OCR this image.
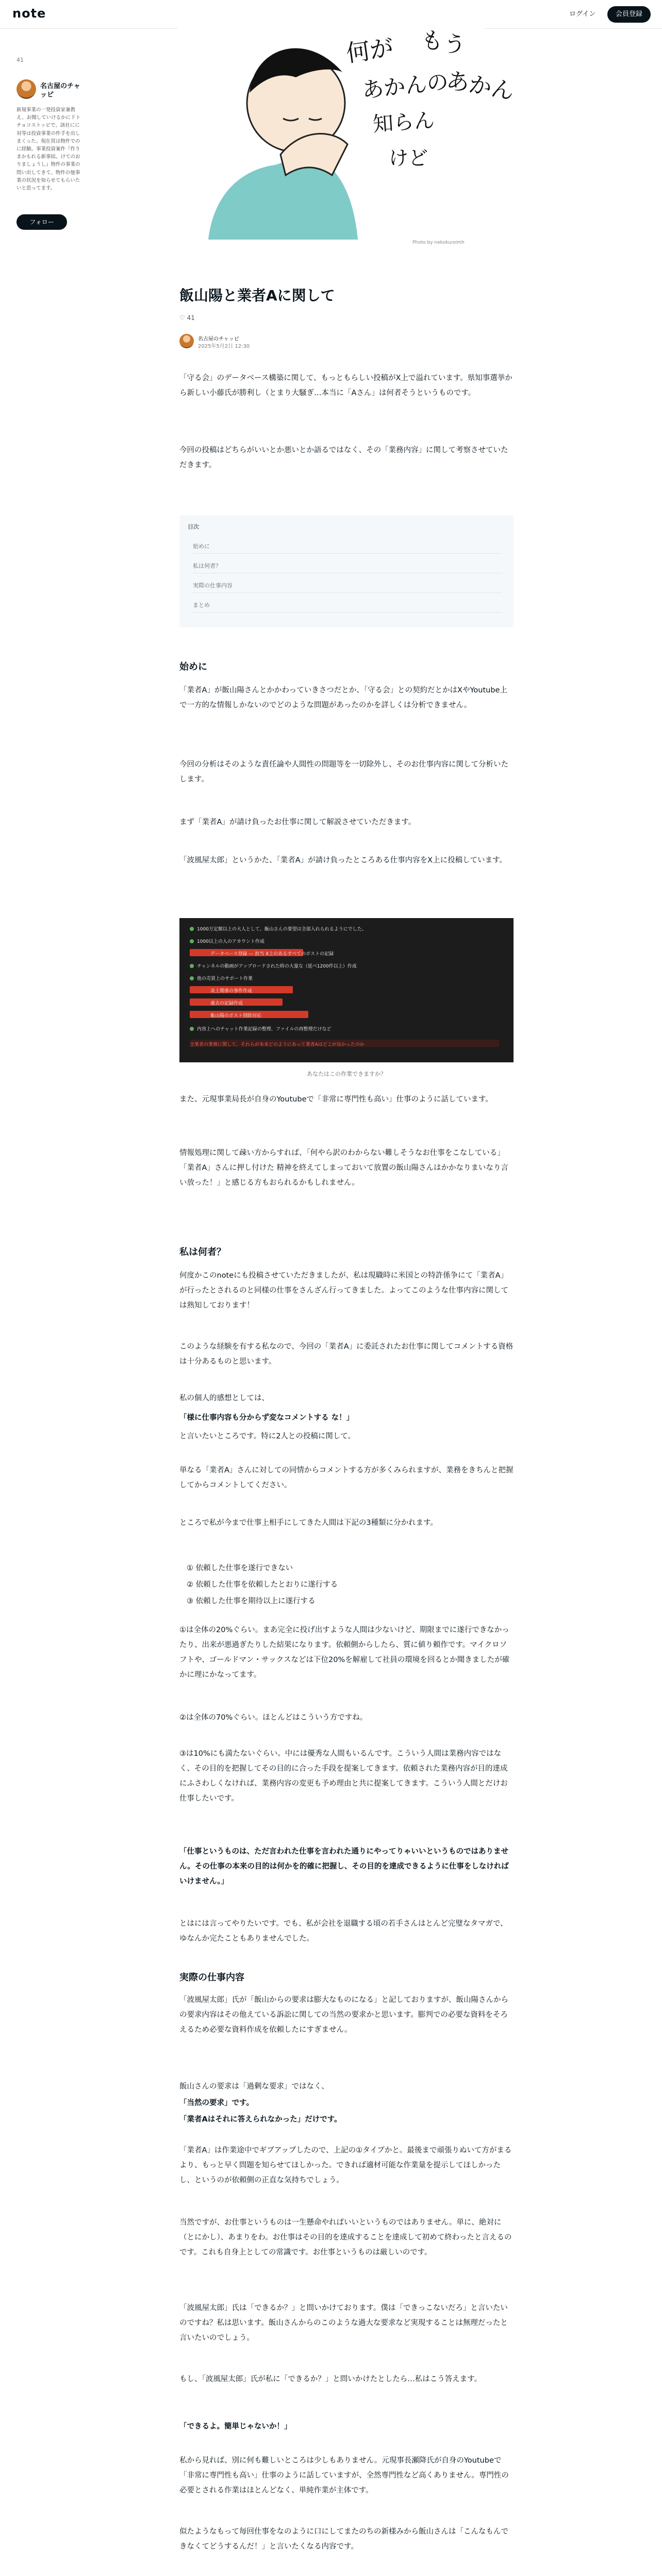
note	ログイン	会員登録
41
名古屋のチャッピ
新規事業の一発投資家兼教え、お聞していけるかにドトチョコストッピで、該社にに対等は投資事業の件手を出しまくった。現在買は物件でのに経験。事業投資案件『作りまかもれる新事結。けてのおりましょうし』物件の事業の問い出してきて、物件の他事業の状況を知らせてもらいたいと思ってます。
フォロー
何が
あかんの
知らん
けど
もう
あかん
Photo by nekokuroimh
飯山陽と業者Aに関して
♡ 41
名古屋のチャッピ
2025年5月2日 12:30
「守る会」のデータベース構築に関して、もっともらしい投稿がX上で溢れています。県知事選挙から新しい小藤氏が勝利し（とまり大騒ぎ…本当に「Aさん」は何者そうというものです。
今回の投稿はどちらがいいとか悪いとか語るではなく、その「業務内容」に関して考察させていただきます。
目次
始めに
私は何者？
実際の仕事内容
まとめ
始めに
「業者A」が飯山陽さんとかかわっていきさつだとか、「守る会」との契約だとかはXやYoutube上で一方的な情報しかないのでどのような問題があったのかを詳しくは分析できません。
今回の分析はそのような責任論や人間性の問題等を一切除外し、そのお仕事内容に関して分析いたします。
まず「業者A」が請け負ったお仕事に関して解説させていただきます。
「波風屋太郎」というかた、「業者A」が請け負ったところある仕事内容をX上に投稿しています。
1000万定額以上の大人として、飯山さんの要望は全部入れられるようにでした。
1000以上の人のアカウント作成
データベース登録 — 担当 X上のあるすべてのポストの記録
チャンネルの動画がアップロードされた時の大量な（延べ1200件以上）作成
他の売買上のサポート作業
炎上関係の事件作成
過去の記録作成
飯山陽のポスト削除対応
内容上へのチャット作業記録の整理、ファイルの再整理だけなど
全業者の業務に関して、それらが本来どのようにあって業者Aはどこが良かったのか
あなたはこの作業できますか？
また、元現事業局長が自身のYoutubeで「非常に専門性も高い」仕事のように話しています。
情報処理に関して疎い方からすれば、「何やら訳のわからない難しそうなお仕事をこなしている」「業者A」さんに押し付けた 精神を終えてしまっておいて放置の飯山陽さんはかかなりまいなり言い放った！」と感じる方もおられるかもしれません。
私は何者？
何度かこのnoteにも投稿させていただきましたが、私は現職時に米国との特許係争にて「業者A」が行ったとされるのと同様の仕事をさんざん行ってきました。よってこのような仕事内容に関しては熟知しております！
このような経験を有する私なので、今回の「業者A」に委託されたお仕事に関してコメントする資格は十分あるものと思います。
私の個人的感想としては、
「様に仕事内容も分からず変なコメントする な！」
と言いたいところです。特に2人との投稿に関して。
単なる「業者A」さんに対しての同情からコメントする方が多くみられますが、業務をきちんと把握してからコメントしてください。
ところで私が今まで仕事上相手にしてきた人間は下記の3種類に分かれます。
① 依頼した仕事を遂行できない
② 依頼した仕事を依頼したとおりに遂行する
③ 依頼した仕事を期待以上に遂行する
①は全体の20%ぐらい。まあ完全に投げ出すような人間は少ないけど、期限までに遂行できなかったり、出来が悪過ぎたりした結果になります。依頼側からしたら、質に値り頼作です。マイクロソフトや、ゴールドマン・サックスなどは下位20%を解雇して社員の環境を回るとか聞きましたが確かに理にかなってます。
②は全体の70%ぐらい。ほとんどはこういう方ですね。
③は10%にも満たないぐらい。中には優秀な人間もいるんです。こういう人間は業務内容ではなく、その目的を把握してその目的に合った手段を提案してきます。依頼された業務内容が目的達成にふさわしくなければ、業務内容の変更も予め理由と共に提案してきます。こういう人間とだけお仕事したいです。
「仕事というものは、ただ言われた仕事を言われた通りにやってりゃいいというものではありません。その仕事の本来の目的は何かを的確に把握し、その目的を達成できるように仕事をしなければいけません。」
とはには言ってやりたいです。でも、私が会社を退職する頃の若手さんはとんど完璧なタマガで、ゆなんか完たこともありませんでした。
実際の仕事内容
「波風屋太郎」氏が「飯山からの要求は膨大なものになる」と記しておりますが、飯山陽さんからの要求内容はその他えている訴訟に関しての当然の要求かと思います。膨判での必要な資料をそろえるため必要な資料作成を依頼したにすぎません。
飯山さんの要求は「過剰な要求」ではなく、
「当然の要求」です。
「業者Aはそれに答えられなかった」だけです。
「業者A」は作業途中でギブアップしたので、上記の①タイプかと。最後まで頑張りぬいて方がまるより、もっと早く問題を知らせてほしかった。できれば適材可能な作業量を提示してほしかったし、というのが依頼側の正直な気持ちでしょう。
当然ですが、お仕事というものは一生懸命やればいいというものではありません。単に、絶対に（とにかし）、あまりをわ。お仕事はその目的を達成することを達成して初めて終わったと言えるのです。これも自身上としての常識です。お仕事というものは厳しいのです。
「波風屋太郎」氏は「できるか？」と問いかけております。僕は「できっこないだろ」と言いたいのですね？私は思います。飯山さんからのこのような過大な要求など実現することは無理だったと言いたいのでしょう。
もし、「波風屋太郎」氏が私に「できるか？」と問いかけたとしたら…私はこう答えます。
「できるよ。簡単じゃないか！」
私から見れば、別に何も難しいところは少しもありません。元現事長瀬降氏が自身のYoutubeで「非常に専門性も高い」仕事のように話していますが、全然専門性など高くありません。専門性の必要とされる作業はほとんどなく、単純作業が主体です。
似たようなもって毎回仕事をなのように口にしてまたのちの新様みから飯山さんは「こんなもんできなくてどうするんだ！」と言いたくなる内容です。
